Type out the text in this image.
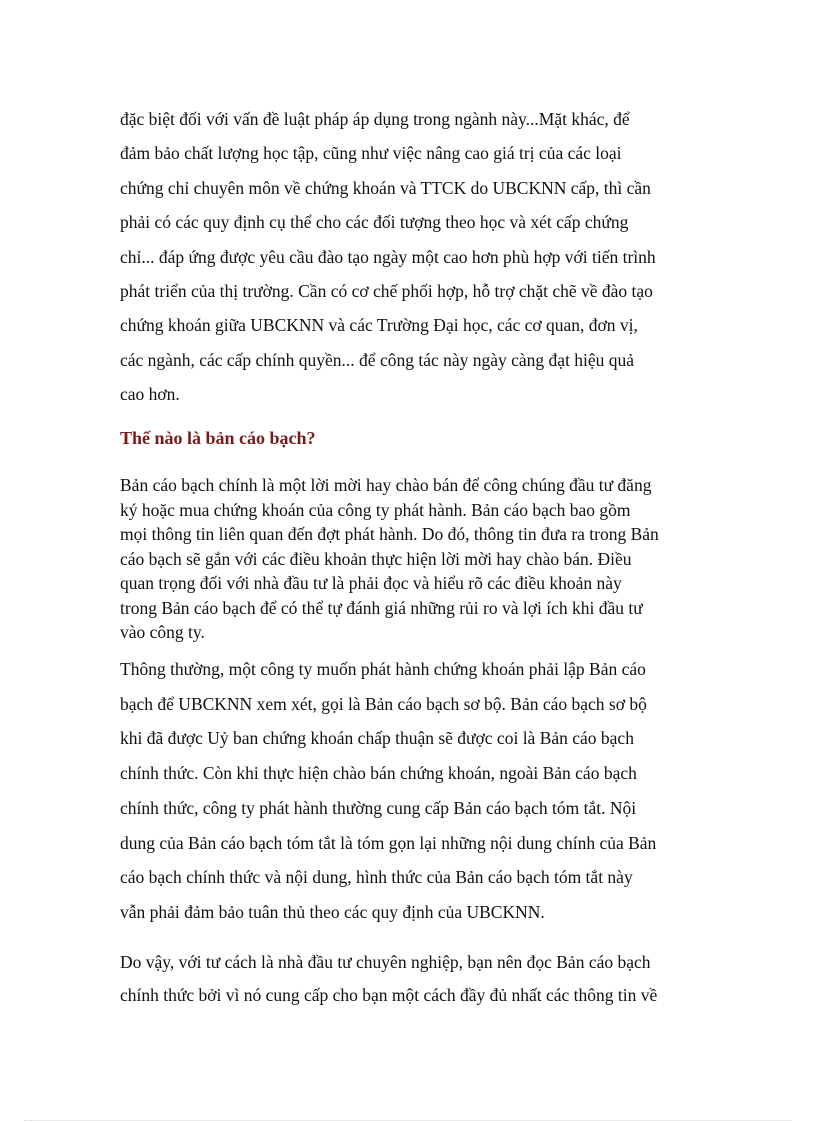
đặc biệt đối với vấn đề luật pháp áp dụng trong ngành này...Mặt khác, để
đảm bảo chất lượng học tập, cũng như việc nâng cao giá trị của các loại
chứng chỉ chuyên môn về chứng khoán và TTCK do UBCKNN cấp, thì cần
phải có các quy định cụ thể cho các đối tượng theo học và xét cấp chứng
chỉ... đáp ứng được yêu cầu đào tạo ngày một cao hơn phù hợp với tiến trình
phát triển của thị trường. Cần có cơ chế phối hợp, hỗ trợ chặt chẽ về đào tạo
chứng khoán giữa UBCKNN và các Trường Đại học, các cơ quan, đơn vị,
các ngành, các cấp chính quyền... để công tác này ngày càng đạt hiệu quả
cao hơn.
Thế nào là bản cáo bạch?
Bản cáo bạch chính là một lời mời hay chào bán để công chúng đầu tư đăng
ký hoặc mua chứng khoán của công ty phát hành. Bản cáo bạch bao gồm
mọi thông tin liên quan đến đợt phát hành. Do đó, thông tin đưa ra trong Bản
cáo bạch sẽ gắn với các điều khoản thực hiện lời mời hay chào bán. Điều
quan trọng đối với nhà đầu tư là phải đọc và hiểu rõ các điều khoản này
trong Bản cáo bạch để có thể tự đánh giá những rủi ro và lợi ích khi đầu tư
vào công ty.
Thông thường, một công ty muốn phát hành chứng khoán phải lập Bản cáo
bạch để UBCKNN xem xét, gọi là Bản cáo bạch sơ bộ. Bản cáo bạch sơ bộ
khi đã được Uỷ ban chứng khoán chấp thuận sẽ được coi là Bản cáo bạch
chính thức. Còn khi thực hiện chào bán chứng khoán, ngoài Bản cáo bạch
chính thức, công ty phát hành thường cung cấp Bản cáo bạch tóm tắt. Nội
dung của Bản cáo bạch tóm tắt là tóm gọn lại những nội dung chính của Bản
cáo bạch chính thức và nội dung, hình thức của Bản cáo bạch tóm tắt này
vẫn phải đảm bảo tuân thủ theo các quy định của UBCKNN.
Do vậy, với tư cách là nhà đầu tư chuyên nghiệp, bạn nên đọc Bản cáo bạch
chính thức bởi vì nó cung cấp cho bạn một cách đầy đủ nhất các thông tin về
